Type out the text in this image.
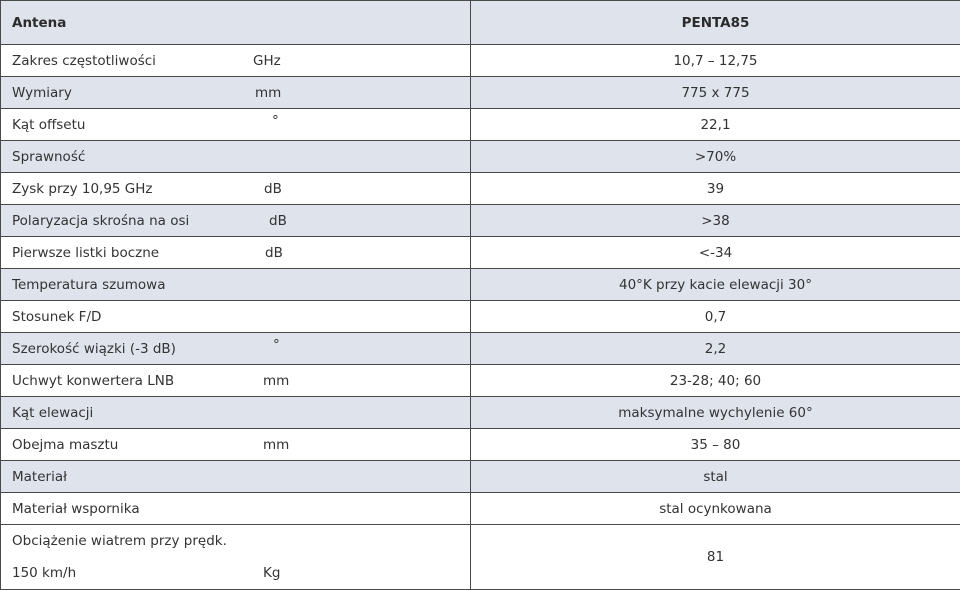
Antena	PENTA85
Zakres częstotliwości GHz	10,7 – 12,75
Wymiary mm	775 x 775
Kąt offsetu °	22,1
Sprawność	>70%
Zysk przy 10,95 GHz dB	39
Polaryzacja skrośna na osi dB	>38
Pierwsze listki boczne dB	<-34
Temperatura szumowa	40°K przy kacie elewacji 30°
Stosunek F/D	0,7
Szerokość wiązki (-3 dB) °	2,2
Uchwyt konwertera LNB mm	23-28; 40; 60
Kąt elewacji	maksymalne wychylenie 60°
Obejma masztu mm	35 – 80
Materiał	stal
Materiał wspornika	stal ocynkowana

Obciążenie wiatrem przy prędk.
150 km/h Kg	81
